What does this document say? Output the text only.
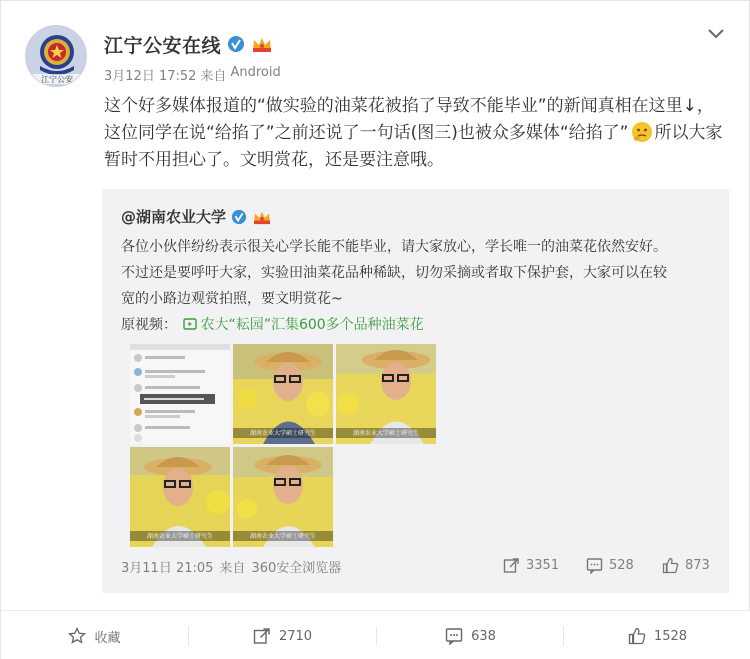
江宁公安
江宁公安在线
3月12日 17:52 来自 Android
这个好多媒体报道的“做实验的油菜花被掐了导致不能毕业”的新闻真相在这里↓，
这位同学在说“给掐了”之前还说了一句话(图三)也被众多媒体“给掐了” 所以大家
暂时不用担心了。文明赏花，还是要注意哦。
@湖南农业大学
各位小伙伴纷纷表示很关心学长能不能毕业，请大家放心，学长唯一的油菜花依然安好。
不过还是要呼吁大家，实验田油菜花品种稀缺，切勿采摘或者取下保护套，大家可以在较
宽的小路边观赏拍照，要文明赏花~
原视频： 农大“耘园”汇集600多个品种油菜花
湖南农业大学硕士研究生	湖南农业大学硕士研究生
湖南农业大学硕士研究生	湖南农业大学硕士研究生
3月11日 21:05 来自 360安全浏览器	3351	528	873
收藏	2710	638	1528
